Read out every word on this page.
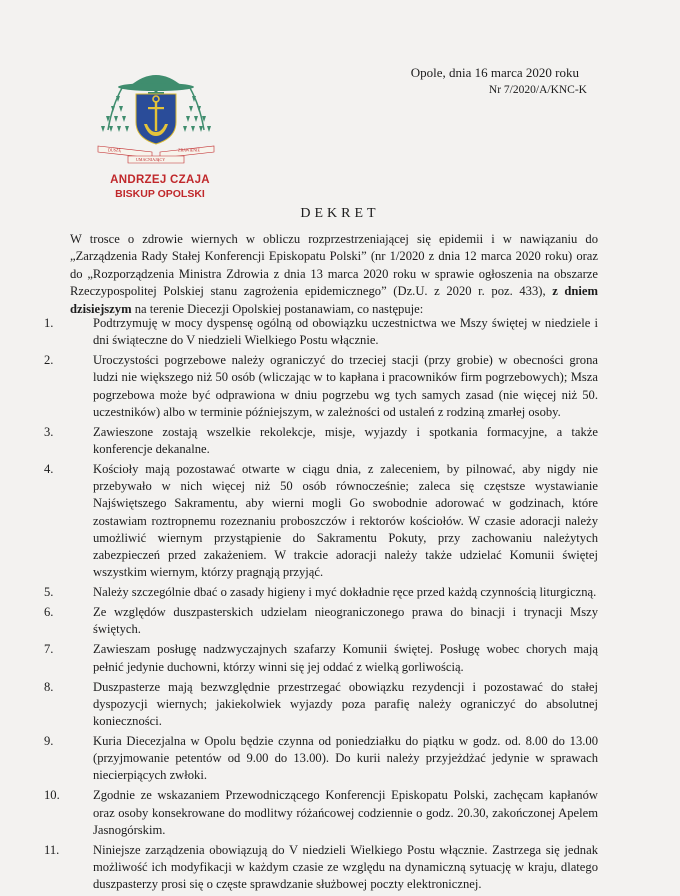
DUSZĘ	ZBAWIENIE
UMACNIAJĄCY
ANDRZEJ CZAJA
BISKUP OPOLSKI
Opole, dnia 16 marca 2020 roku
Nr 7/2020/A/KNC-K
DEKRET

W trosce o zdrowie wiernych w obliczu rozprzestrzeniającej się epidemii i w nawiązaniu do „Zarządzenia Rady Stałej Konferencji Episkopatu Polski” (nr 1/2020 z dnia 12 marca 2020 roku) oraz do „Rozporządzenia Ministra Zdrowia z dnia 13 marca 2020 roku w sprawie ogłoszenia na obszarze Rzeczypospolitej Polskiej stanu zagrożenia epidemicznego” (Dz.U. z 2020 r. poz. 433), z dniem dzisiejszym na terenie Diecezji Opolskiej postanawiam, co następuje:

1.	Podtrzymuję w mocy dyspensę ogólną od obowiązku uczestnictwa we Mszy świętej w niedziele i dni świąteczne do V niedzieli Wielkiego Postu włącznie.
2.	Uroczystości pogrzebowe należy ograniczyć do trzeciej stacji (przy grobie) w obecności grona ludzi nie większego niż 50 osób (wliczając w to kapłana i pracowników firm pogrzebowych); Msza pogrzebowa może być odprawiona w dniu pogrzebu wg tych samych zasad (nie więcej niż 50. uczestników) albo w terminie późniejszym, w zależności od ustaleń z rodziną zmarłej osoby.
3.	Zawieszone zostają wszelkie rekolekcje, misje, wyjazdy i spotkania formacyjne, a także konferencje dekanalne.
4.	Kościoły mają pozostawać otwarte w ciągu dnia, z zaleceniem, by pilnować, aby nigdy nie przebywało w nich więcej niż 50 osób równocześnie; zaleca się częstsze wystawianie Najświętszego Sakramentu, aby wierni mogli Go swobodnie adorować w godzinach, które zostawiam roztropnemu rozeznaniu proboszczów i rektorów kościołów. W czasie adoracji należy umożliwić wiernym przystąpienie do Sakramentu Pokuty, przy zachowaniu należytych zabezpieczeń przed zakażeniem. W trakcie adoracji należy także udzielać Komunii świętej wszystkim wiernym, którzy pragnąją przyjąć.
5.	Należy szczególnie dbać o zasady higieny i myć dokładnie ręce przed każdą czynnością liturgiczną.
6.	Ze względów duszpasterskich udzielam nieograniczonego prawa do binacji i trynacji Mszy świętych.
7.	Zawieszam posługę nadzwyczajnych szafarzy Komunii świętej. Posługę wobec chorych mają pełnić jedynie duchowni, którzy winni się jej oddać z wielką gorliwością.
8.	Duszpasterze mają bezwzględnie przestrzegać obowiązku rezydencji i pozostawać do stałej dyspozycji wiernych; jakiekolwiek wyjazdy poza parafię należy ograniczyć do absolutnej konieczności.
9.	Kuria Diecezjalna w Opolu będzie czynna od poniedziałku do piątku w godz. od. 8.00 do 13.00 (przyjmowanie petentów od 9.00 do 13.00). Do kurii należy przyjeżdżać jedynie w sprawach niecierpiących zwłoki.
10.	Zgodnie ze wskazaniem Przewodniczącego Konferencji Episkopatu Polski, zachęcam kapłanów oraz osoby konsekrowane do modlitwy różańcowej codziennie o godz. 20.30, zakończonej Apelem Jasnogórskim.
11.	Niniejsze zarządzenia obowiązują do V niedzieli Wielkiego Postu włącznie. Zastrzega się jednak możliwość ich modyfikacji w każdym czasie ze względu na dynamiczną sytuację w kraju, dlatego duszpasterzy prosi się o częste sprawdzanie służbowej poczty elektronicznej.
